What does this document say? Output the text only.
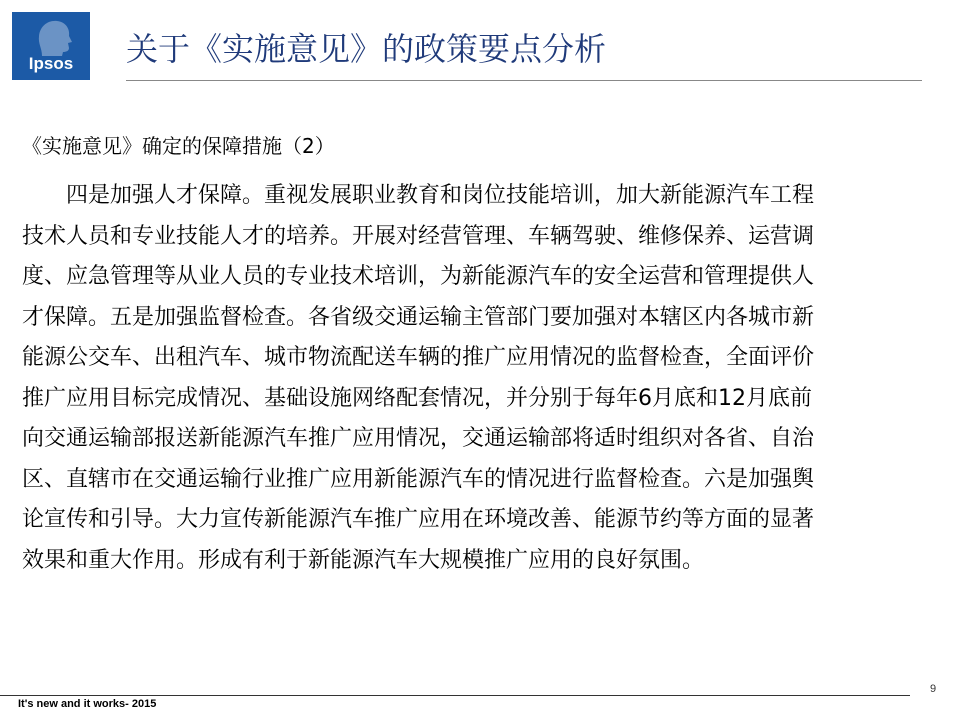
Ipsos	关于《实施意见》的政策要点分析
《实施意见》确定的保障措施（2）
　　四是加强人才保障。重视发展职业教育和岗位技能培训，加大新能源汽车工程
技术人员和专业技能人才的培养。开展对经营管理、车辆驾驶、维修保养、运营调
度、应急管理等从业人员的专业技术培训，为新能源汽车的安全运营和管理提供人
才保障。五是加强监督检查。各省级交通运输主管部门要加强对本辖区内各城市新
能源公交车、出租汽车、城市物流配送车辆的推广应用情况的监督检查，全面评价
推广应用目标完成情况、基础设施网络配套情况，并分别于每年6月底和12月底前
向交通运输部报送新能源汽车推广应用情况，交通运输部将适时组织对各省、自治
区、直辖市在交通运输行业推广应用新能源汽车的情况进行监督检查。六是加强舆
论宣传和引导。大力宣传新能源汽车推广应用在环境改善、能源节约等方面的显著
效果和重大作用。形成有利于新能源汽车大规模推广应用的良好氛围。
It's new and it works- 2015
9
